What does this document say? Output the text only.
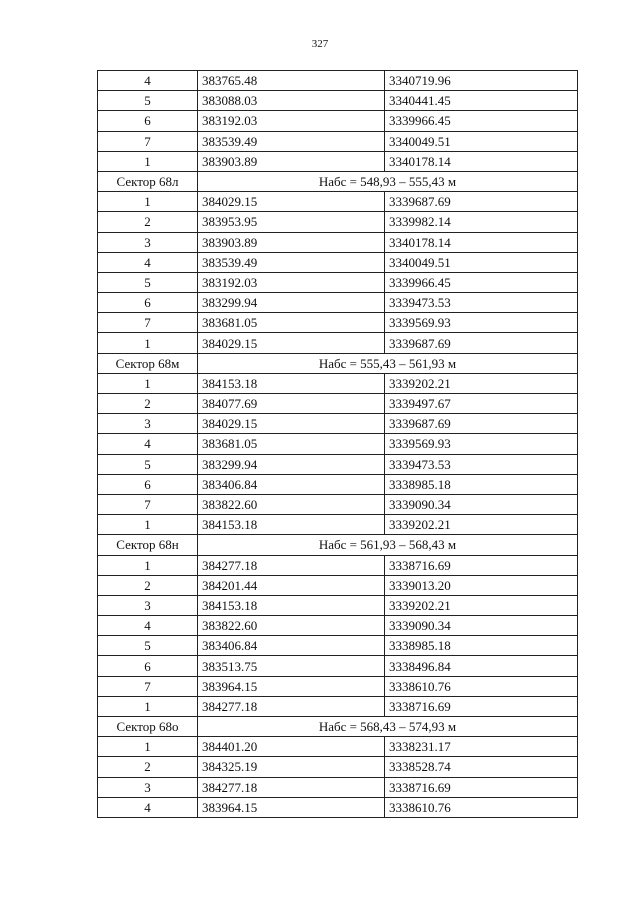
327
4	383765.48	3340719.96
5	383088.03	3340441.45
6	383192.03	3339966.45
7	383539.49	3340049.51
1	383903.89	3340178.14
Сектор 68л	Набс = 548,93 – 555,43 м	
1	384029.15	3339687.69
2	383953.95	3339982.14
3	383903.89	3340178.14
4	383539.49	3340049.51
5	383192.03	3339966.45
6	383299.94	3339473.53
7	383681.05	3339569.93
1	384029.15	3339687.69
Сектор 68м	Набс = 555,43 – 561,93 м	
1	384153.18	3339202.21
2	384077.69	3339497.67
3	384029.15	3339687.69
4	383681.05	3339569.93
5	383299.94	3339473.53
6	383406.84	3338985.18
7	383822.60	3339090.34
1	384153.18	3339202.21
Сектор 68н	Набс = 561,93 – 568,43 м	
1	384277.18	3338716.69
2	384201.44	3339013.20
3	384153.18	3339202.21
4	383822.60	3339090.34
5	383406.84	3338985.18
6	383513.75	3338496.84
7	383964.15	3338610.76
1	384277.18	3338716.69
Сектор 68о	Набс = 568,43 – 574,93 м	
1	384401.20	3338231.17
2	384325.19	3338528.74
3	384277.18	3338716.69
4	383964.15	3338610.76
